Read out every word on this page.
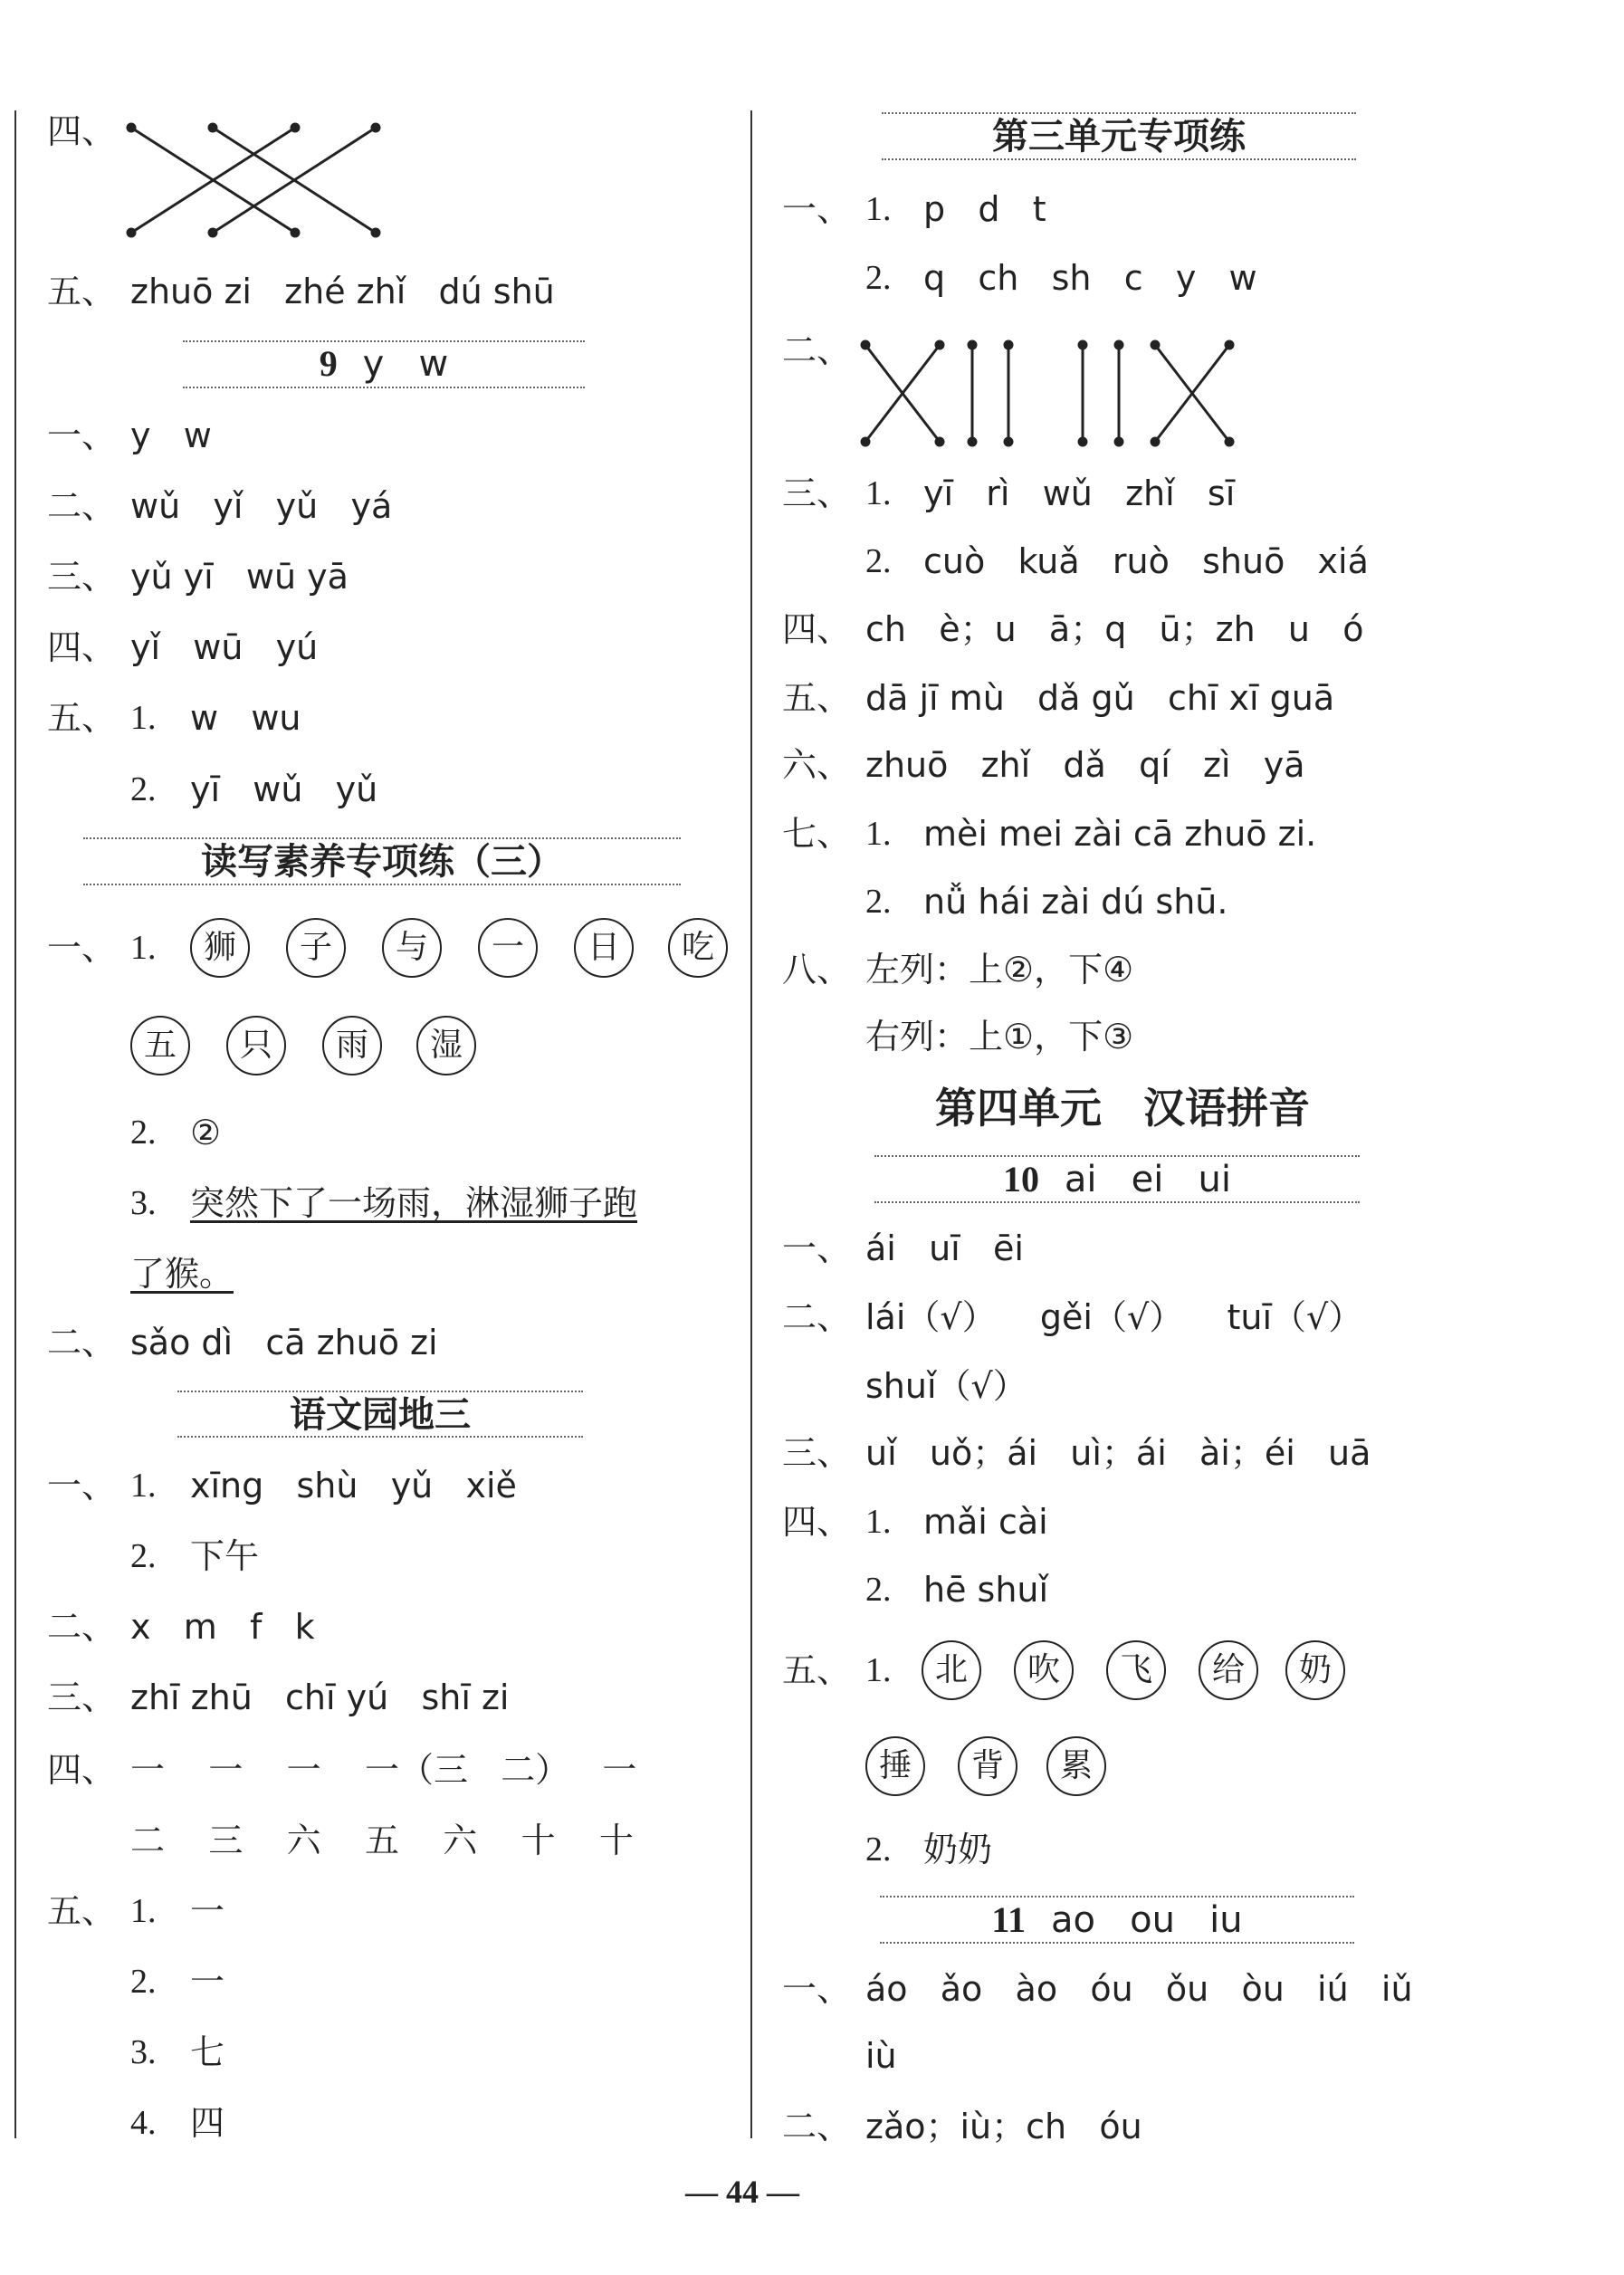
四、
五、 zhuō zi   zhé zhǐ   dú shū
9 y   w
一、 y   w
二、 wǔ   yǐ   yǔ   yá
三、 yǔ yī   wū yā
四、 yǐ   wū   yú
五、 1. w   wu
2. yī   wǔ   yǔ
读写素养专项练（三）
一、 1.	狮	子	与	一	日	吃
五	只	雨	湿
2. ②
3. 突然下了一场雨，淋湿狮子跑
了猴。
二、 sǎo dì   cā zhuō zi
语文园地三
一、 1. xīng   shù   yǔ   xiě
2. 下午
二、 x   m   f   k
三、 zhī zhū   chī yú   shī zi
四、 一    一    一    一（三   二）   一
二    三    六    五    六    十    十
五、 1. 一
2. 一
3. 七
4. 四
第三单元专项练
一、 1. p   d   t
2. q   ch   sh   c   y   w
二、
三、 1. yī   rì   wǔ   zhǐ   sī
2. cuò   kuǎ   ruò   shuō   xiá
四、 ch   è；u   ā；q   ū；zh   u   ó
五、 dā jī mù   dǎ gǔ   chī xī guā
六、 zhuō   zhǐ   dǎ   qí   zì   yā
七、 1. mèi mei zài cā zhuō zi.
2. nǚ hái zài dú shū.
八、 左列：上②，下④
右列：上①，下③
第四单元　汉语拼音
10 ai   ei   ui
一、 ái   uī   ēi
二、 lái（√）    gěi（√）    tuī（√）
shuǐ（√）
三、 uǐ   uǒ；ái   uì；ái   ài；éi   uā
四、 1. mǎi cài
2. hē shuǐ
五、 1.	北	吹	飞	给	奶
捶	背	累
2. 奶奶
11 ao   ou   iu
一、 áo   ǎo   ào   óu   ǒu   òu   iú   iǔ
iù
二、 zǎo；iù；ch   óu
— 44 —
